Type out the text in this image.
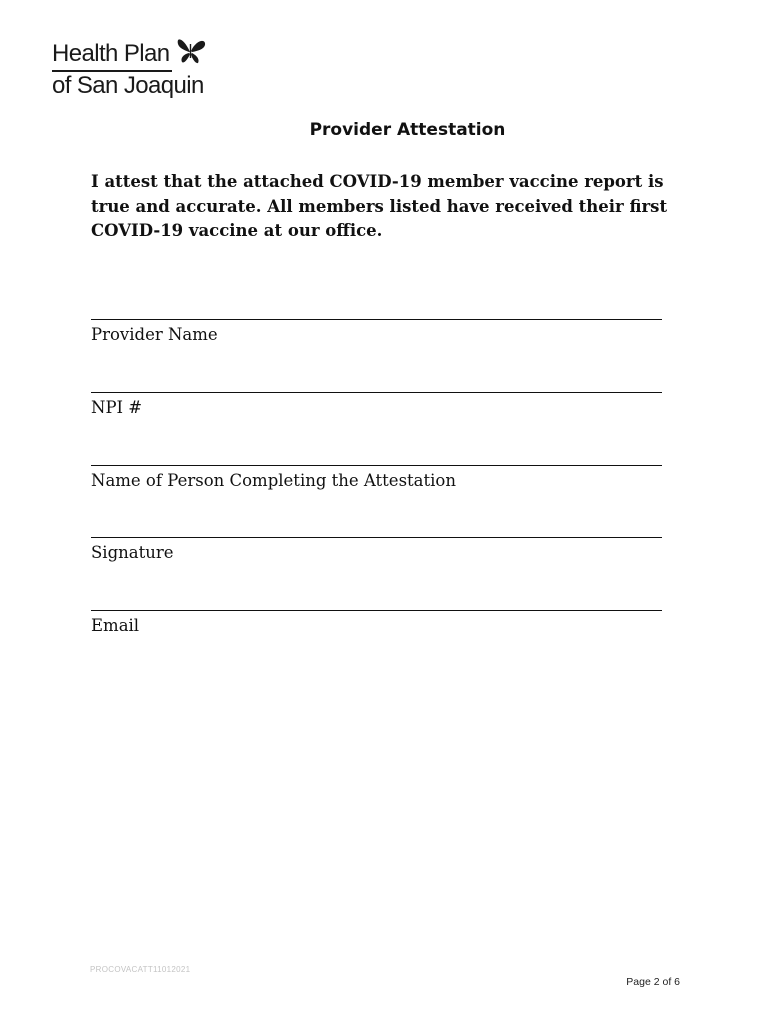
Health Plan
of San Joaquin
Provider Attestation
I attest that the attached COVID-19 member vaccine report is true and accurate. All members listed have received their first COVID-19 vaccine at our office.
Provider Name
NPI #
Name of Person Completing the Attestation
Signature
Email
PROCOVACATT11012021
Page 2 of 6
